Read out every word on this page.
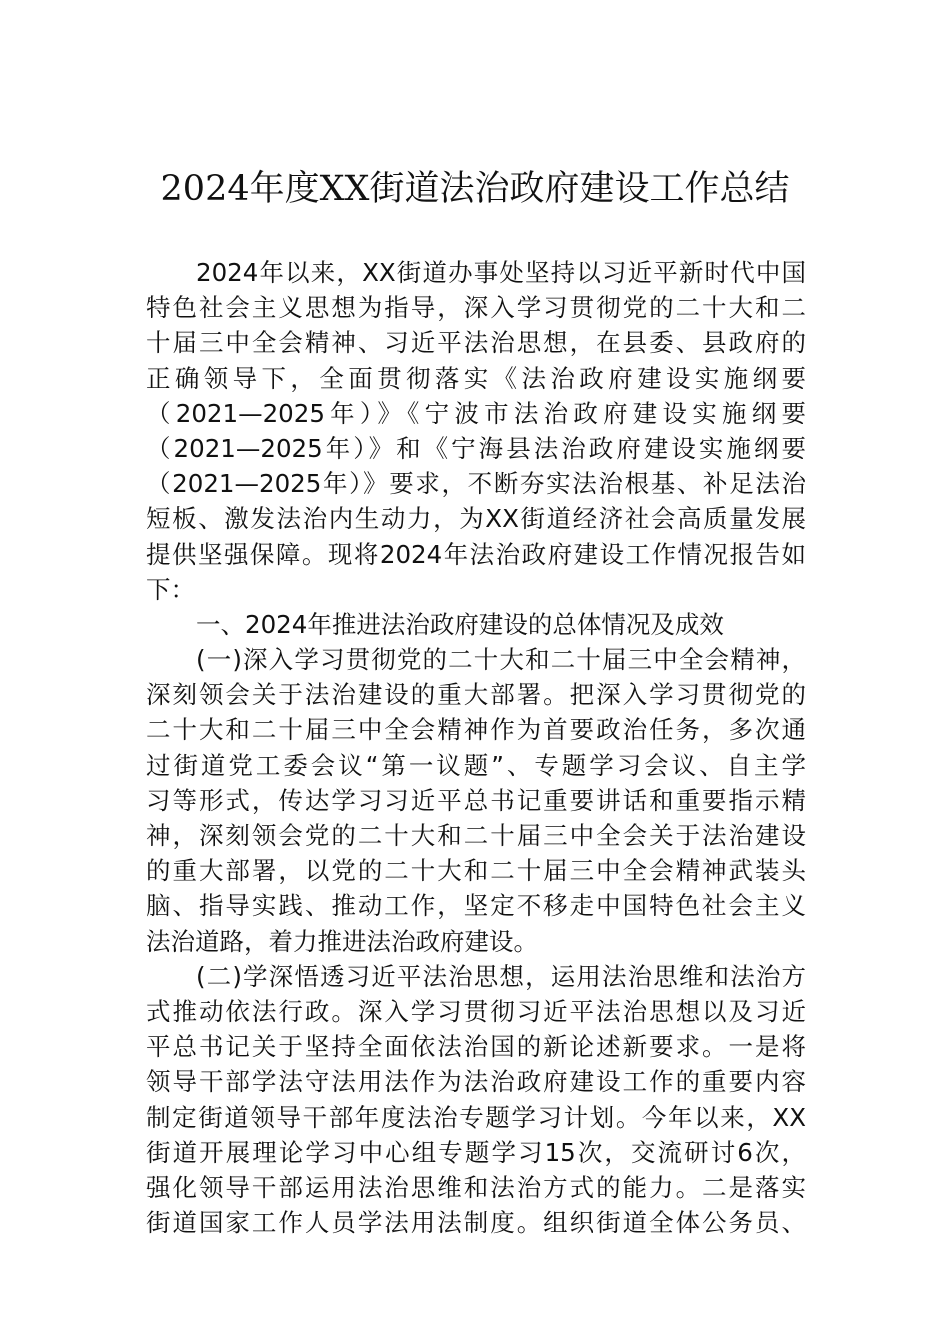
2024年度XX街道法治政府建设工作总结
2024年以来，XX街道办事处坚持以习近平新时代中国
特色社会主义思想为指导，深入学习贯彻党的二十大和二
十届三中全会精神、习近平法治思想，在县委、县政府的
正确领导下，全面贯彻落实《法治政府建设实施纲要
（2021—2025年）》《宁波市法治政府建设实施纲要
（2021—2025年）》和《宁海县法治政府建设实施纲要
（2021—2025年）》要求，不断夯实法治根基、补足法治
短板、激发法治内生动力，为XX街道经济社会高质量发展
提供坚强保障。现将2024年法治政府建设工作情况报告如
下：
一、2024年推进法治政府建设的总体情况及成效
(一)深入学习贯彻党的二十大和二十届三中全会精神，
深刻领会关于法治建设的重大部署。把深入学习贯彻党的
二十大和二十届三中全会精神作为首要政治任务，多次通
过街道党工委会议“第一议题”、专题学习会议、自主学
习等形式，传达学习习近平总书记重要讲话和重要指示精
神，深刻领会党的二十大和二十届三中全会关于法治建设
的重大部署，以党的二十大和二十届三中全会精神武装头
脑、指导实践、推动工作，坚定不移走中国特色社会主义
法治道路，着力推进法治政府建设。
(二)学深悟透习近平法治思想，运用法治思维和法治方
式推动依法行政。深入学习贯彻习近平法治思想以及习近
平总书记关于坚持全面依法治国的新论述新要求。一是将
领导干部学法守法用法作为法治政府建设工作的重要内容
制定街道领导干部年度法治专题学习计划。今年以来，XX
街道开展理论学习中心组专题学习15次，交流研讨6次，
强化领导干部运用法治思维和法治方式的能力。二是落实
街道国家工作人员学法用法制度。组织街道全体公务员、
